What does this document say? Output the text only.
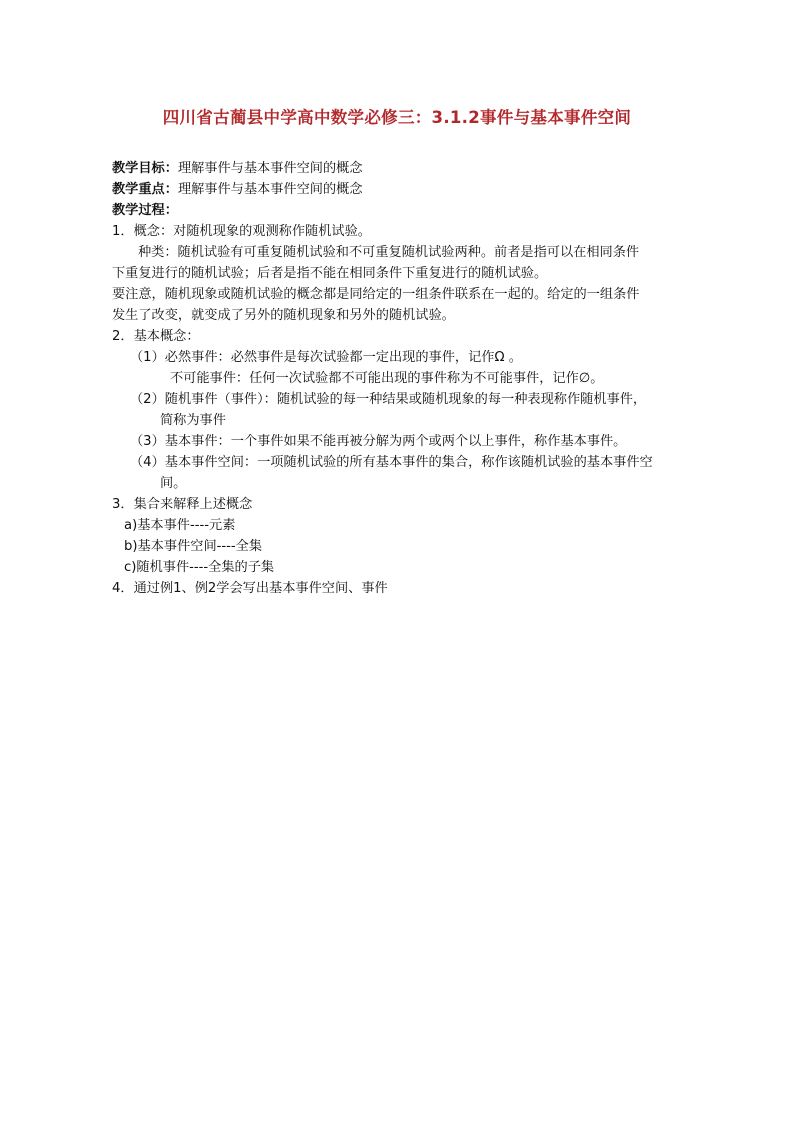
四川省古蔺县中学高中数学必修三：3.1.2事件与基本事件空间
教学目标：理解事件与基本事件空间的概念
教学重点：理解事件与基本事件空间的概念
教学过程：
1．概念：对随机现象的观测称作随机试验。
种类：随机试验有可重复随机试验和不可重复随机试验两种。前者是指可以在相同条件
下重复进行的随机试验；后者是指不能在相同条件下重复进行的随机试验。
要注意，随机现象或随机试验的概念都是同给定的一组条件联系在一起的。给定的一组条件
发生了改变，就变成了另外的随机现象和另外的随机试验。
2．基本概念：
（1）必然事件：必然事件是每次试验都一定出现的事件，记作Ω 。
不可能事件：任何一次试验都不可能出现的事件称为不可能事件，记作∅。
（2）随机事件（事件）：随机试验的每一种结果或随机现象的每一种表现称作随机事件，
简称为事件
（3）基本事件：一个事件如果不能再被分解为两个或两个以上事件，称作基本事件。
（4）基本事件空间：一项随机试验的所有基本事件的集合，称作该随机试验的基本事件空
间。
3．集合来解释上述概念
a)基本事件----元素
b)基本事件空间----全集
c)随机事件----全集的子集
4．通过例1、例2学会写出基本事件空间、事件
